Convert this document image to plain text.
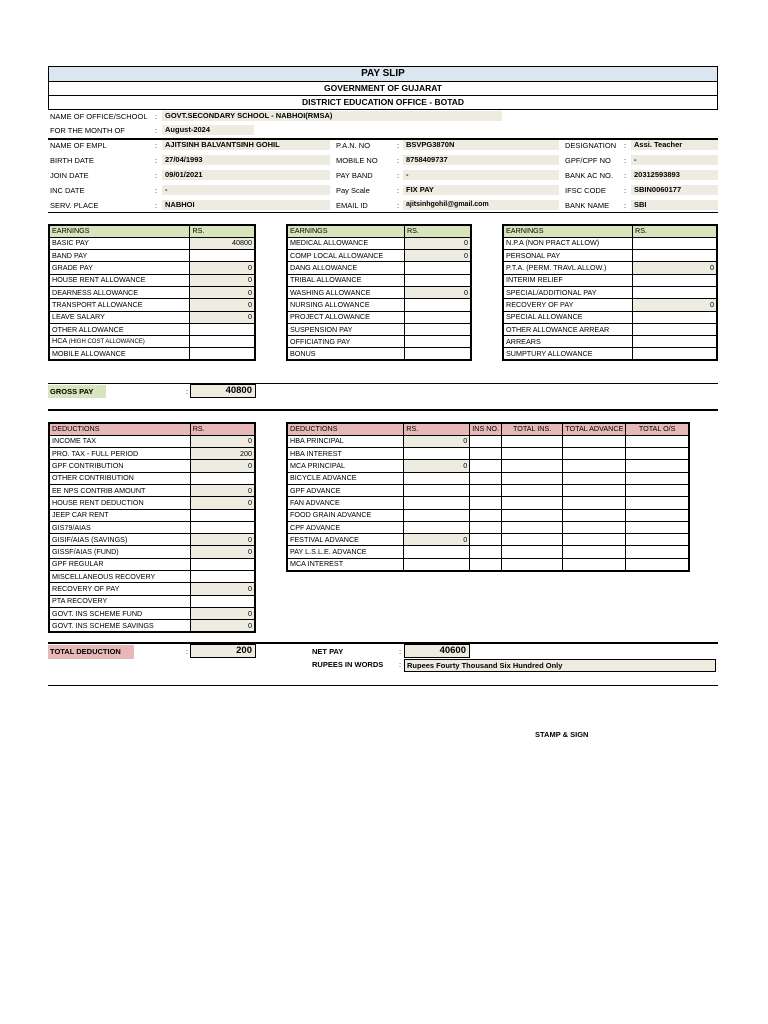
PAY SLIP
GOVERNMENT OF GUJARAT
DISTRICT EDUCATION OFFICE - BOTAD
NAME OF OFFICE/SCHOOL :	GOVT.SECONDARY SCHOOL - NABHOI(RMSA)
FOR THE MONTH OF	:	August-2024
NAME OF EMPL	:	AJITSINH BALVANTSINH GOHIL
BIRTH DATE	:	27/04/1993
JOIN DATE	:	09/01/2021
INC DATE	:	-
SERV. PLACE	:	NABHOI
P.A.N. NO	: BSVPG3870N
MOBILE NO	: 8758409737
PAY BAND	: -
Pay Scale	: FIX PAY
EMAIL ID	: ajitsinhgohil@gmail.com
DESIGNATION :	Assi. Teacher
GPF/CPF NO :	-
BANK AC NO. :	20312593893
IFSC CODE :	SBIN0060177
BANK NAME :	SBI
EARNINGS	RS.
BASIC PAY	40800
BAND PAY	
GRADE PAY	0
HOUSE RENT ALLOWANCE	0
DEARNESS ALLOWANCE	0
TRANSPORT ALLOWANCE	0
LEAVE SALARY	0
OTHER ALLOWANCE	
HCA (HIGH COST ALLOWANCE)	
MOBILE ALLOWANCE	
EARNINGS	RS.
MEDICAL ALLOWANCE	0
COMP LOCAL ALLOWANCE	0
DANG ALLOWANCE	
TRIBAL ALLOWANCE	
WASHING ALLOWANCE	0
NURSING ALLOWANCE	
PROJECT ALLOWANCE	
SUSPENSION PAY	
OFFICIATING PAY	
BONUS	
EARNINGS	RS.
N.P.A (NON PRACT ALLOW)	
PERSONAL PAY	
P.T.A. (PERM. TRAVL ALLOW.)	0
INTERIM RELIEF	
SPECIAL/ADDITIONAL PAY	
RECOVERY OF PAY	0
SPECIAL ALLOWANCE	
OTHER ALLOWANCE ARREAR	
ARREARS	
SUMPTURY ALLOWANCE	
GROSS PAY	:	40800
DEDUCTIONS	RS.
INCOME TAX	0
PRO. TAX - FULL PERIOD	200
GPF CONTRIBUTION	0
OTHER CONTRIBUTION	
EE NPS CONTRIB AMOUNT	0
HOUSE RENT DEDUCTION	0
JEEP CAR RENT	
GIS79/AIAS	
GISIF/AIAS (SAVINGS)	0
GISSF/AIAS (FUND)	0
GPF REGULAR	
MISCELLANEOUS RECOVERY	
RECOVERY OF PAY	0
PTA RECOVERY	
GOVT. INS SCHEME FUND	0
GOVT. INS SCHEME SAVINGS	0
DEDUCTIONS	RS.	INS NO.	TOTAL INS.	TOTAL ADVANCE	TOTAL O/S
HBA PRINCIPAL	0				
HBA INTEREST					
MCA PRINCIPAL	0				
BICYCLE ADVANCE					
GPF ADVANCE					
FAN ADVANCE					
FOOD GRAIN ADVANCE					
CPF ADVANCE					
FESTIVAL ADVANCE	0				
PAY L.S.L.E. ADVANCE					
MCA INTEREST					
TOTAL DEDUCTION	:	200	NET PAY	:	40600
RUPEES IN WORDS : Rupees Fourty Thousand Six Hundred Only
STAMP & SIGN
